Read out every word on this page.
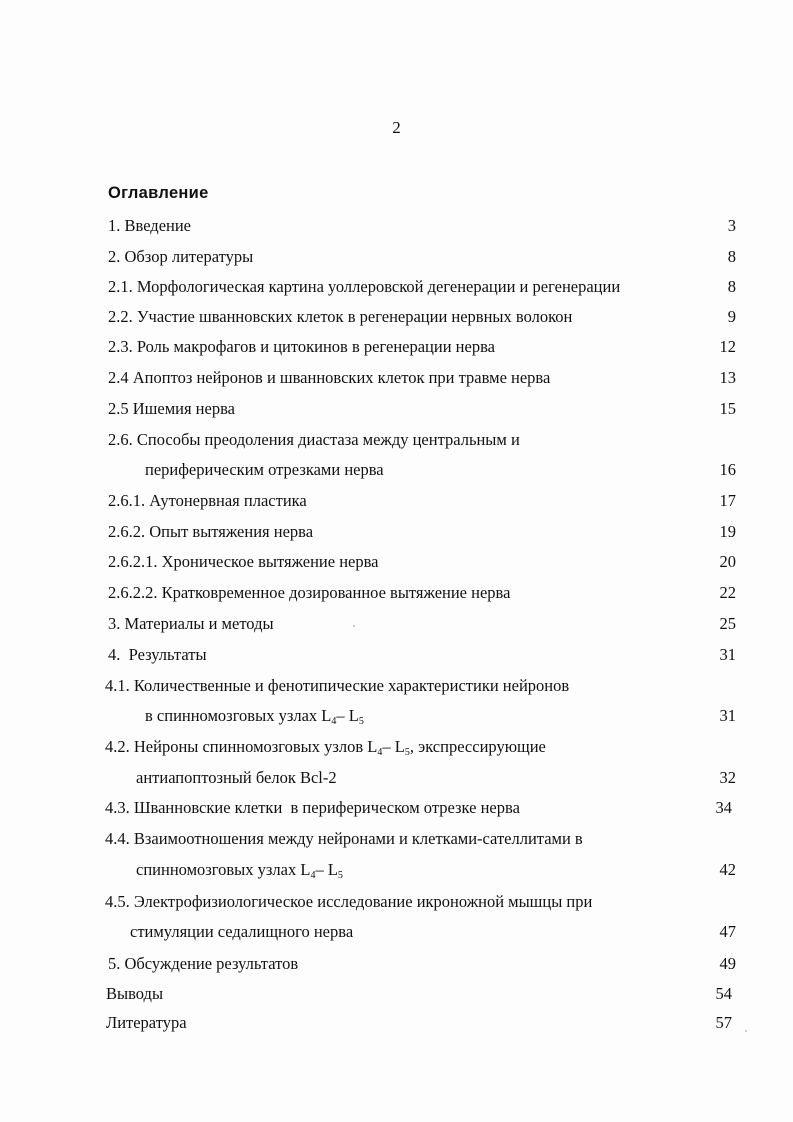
2
Оглавление
1. Введение	3
2. Обзор литературы	8
2.1. Морфологическая картина уоллеровской дегенерации и регенерации	8
2.2. Участие шванновских клеток в регенерации нервных волокон	9
2.3. Роль макрофагов и цитокинов в регенерации нерва	12
2.4 Апоптоз нейронов и шванновских клеток при травме нерва	13
2.5 Ишемия нерва	15
2.6. Способы преодоления диастаза между центральным и
периферическим отрезками нерва	16
2.6.1. Аутонервная пластика	17
2.6.2. Опыт вытяжения нерва	19
2.6.2.1. Хроническое вытяжение нерва	20
2.6.2.2. Кратковременное дозированное вытяжение нерва	22
3. Материалы и методы	25
4.  Результаты	31
4.1. Количественные и фенотипические характеристики нейронов
в спинномозговых узлах $L_4-$ $L_5$	31
4.2. Нейроны спинномозговых узлов $L_4-$ $L_5$, экспрессирующие
антиапоптозный белок Bcl-2	32
4.3. Шванновские клетки  в периферическом отрезке нерва	34
4.4. Взаимоотношения между нейронами и клетками-сателлитами в
спинномозговых узлах $L_4-$ $L_5$	42
4.5. Электрофизиологическое исследование икроножной мышцы при
стимуляции седалищного нерва	47
5. Обсуждение результатов	49
Выводы	54
Литература	57
